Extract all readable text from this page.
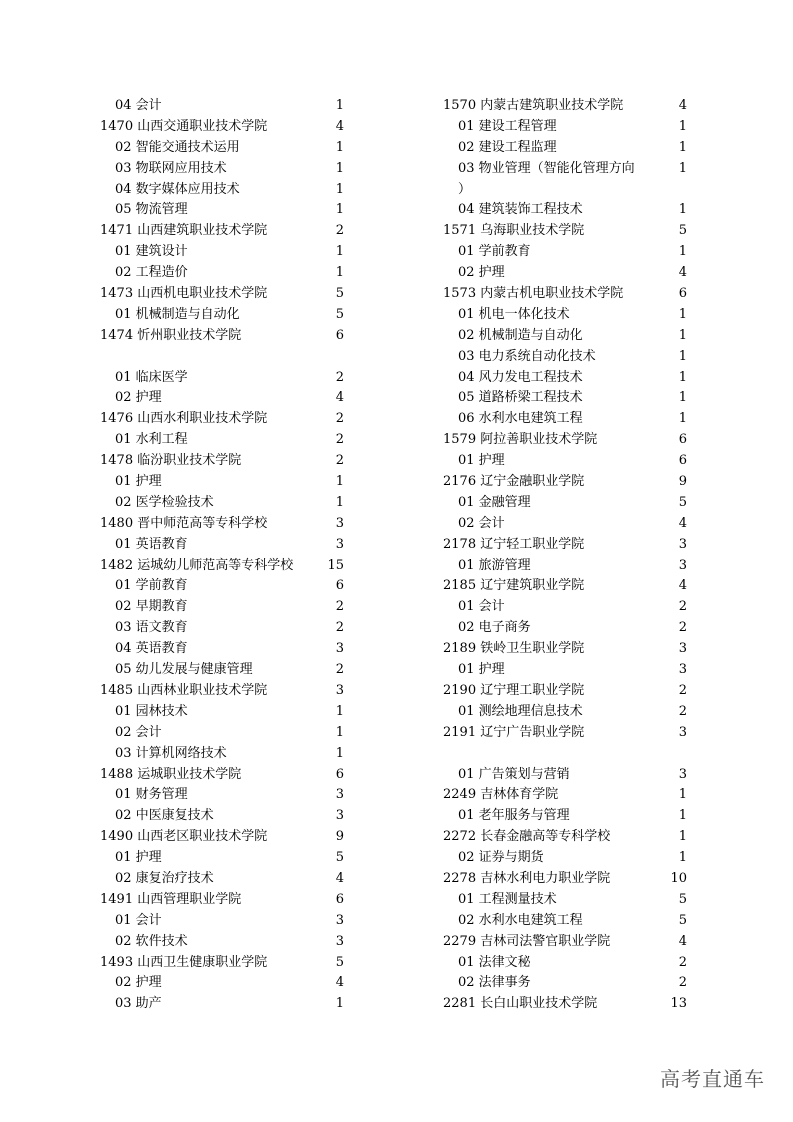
04 会计	1
1470 山西交通职业技术学院	4
02 智能交通技术运用	1
03 物联网应用技术	1
04 数字媒体应用技术	1
05 物流管理	1
1471 山西建筑职业技术学院	2
01 建筑设计	1
02 工程造价	1
1473 山西机电职业技术学院	5
01 机械制造与自动化	5
1474 忻州职业技术学院	6
01 临床医学	2
02 护理	4
1476 山西水利职业技术学院	2
01 水利工程	2
1478 临汾职业技术学院	2
01 护理	1
02 医学检验技术	1
1480 晋中师范高等专科学校	3
01 英语教育	3
1482 运城幼儿师范高等专科学校	15
01 学前教育	6
02 早期教育	2
03 语文教育	2
04 英语教育	3
05 幼儿发展与健康管理	2
1485 山西林业职业技术学院	3
01 园林技术	1
02 会计	1
03 计算机网络技术	1
1488 运城职业技术学院	6
01 财务管理	3
02 中医康复技术	3
1490 山西老区职业技术学院	9
01 护理	5
02 康复治疗技术	4
1491 山西管理职业学院	6
01 会计	3
02 软件技术	3
1493 山西卫生健康职业学院	5
02 护理	4
03 助产	1
1570 内蒙古建筑职业技术学院	4
01 建设工程管理	1
02 建设工程监理	1
03 物业管理（智能化管理方向	1
）
04 建筑装饰工程技术	1
1571 乌海职业技术学院	5
01 学前教育	1
02 护理	4
1573 内蒙古机电职业技术学院	6
01 机电一体化技术	1
02 机械制造与自动化	1
03 电力系统自动化技术	1
04 风力发电工程技术	1
05 道路桥梁工程技术	1
06 水利水电建筑工程	1
1579 阿拉善职业技术学院	6
01 护理	6
2176 辽宁金融职业学院	9
01 金融管理	5
02 会计	4
2178 辽宁轻工职业学院	3
01 旅游管理	3
2185 辽宁建筑职业学院	4
01 会计	2
02 电子商务	2
2189 铁岭卫生职业学院	3
01 护理	3
2190 辽宁理工职业学院	2
01 测绘地理信息技术	2
2191 辽宁广告职业学院	3
01 广告策划与营销	3
2249 吉林体育学院	1
01 老年服务与管理	1
2272 长春金融高等专科学校	1
02 证券与期货	1
2278 吉林水利电力职业学院	10
01 工程测量技术	5
02 水利水电建筑工程	5
2279 吉林司法警官职业学院	4
01 法律文秘	2
02 法律事务	2
2281 长白山职业技术学院	13
高考直通车
